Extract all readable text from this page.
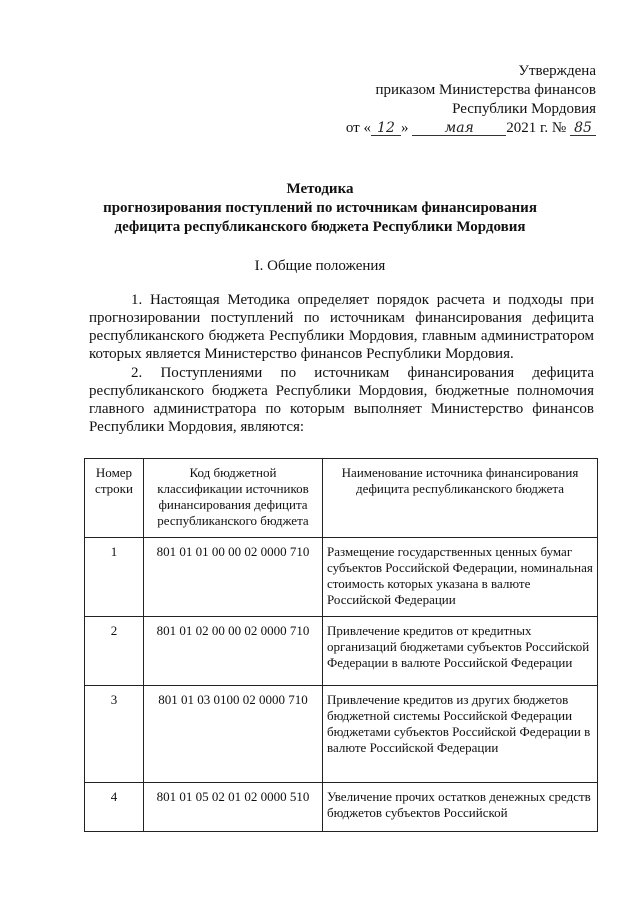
Утверждена
приказом Министерства финансов
Республики Мордовия
от « 12 »	мая 2021 г. № 85
Методика
прогнозирования поступлений по источникам финансирования
дефицита республиканского бюджета Республики Мордовия
I. Общие положения

1. Настоящая Методика определяет порядок расчета и подходы при прогнозировании поступлений по источникам финансирования дефицита республиканского бюджета Республики Мордовия, главным администратором которых является Министерство финансов Республики Мордовия.

2. Поступлениями по источникам финансирования дефицита республиканского бюджета Республики Мордовия, бюджетные полномочия главного администратора по которым выполняет Министерство финансов Республики Мордовия, являются:

Номер строки	Код бюджетной классификации источников финансирования дефицита республиканского бюджета	Наименование источника финансирования дефицита республиканского бюджета
1	801 01 01 00 00 02 0000 710	Размещение государственных ценных бумаг субъектов Российской Федерации, номинальная стоимость которых указана в валюте Российской Федерации
2	801 01 02 00 00 02 0000 710	Привлечение кредитов от кредитных организаций бюджетами субъектов Российской Федерации в валюте Российской Федерации
3	801 01 03 0100 02 0000 710	Привлечение кредитов из других бюджетов бюджетной системы Российской Федерации бюджетами субъектов Российской Федерации в валюте Российской Федерации
4	801 01 05 02 01 02 0000 510	Увеличение прочих остатков денежных средств бюджетов субъектов Российской
